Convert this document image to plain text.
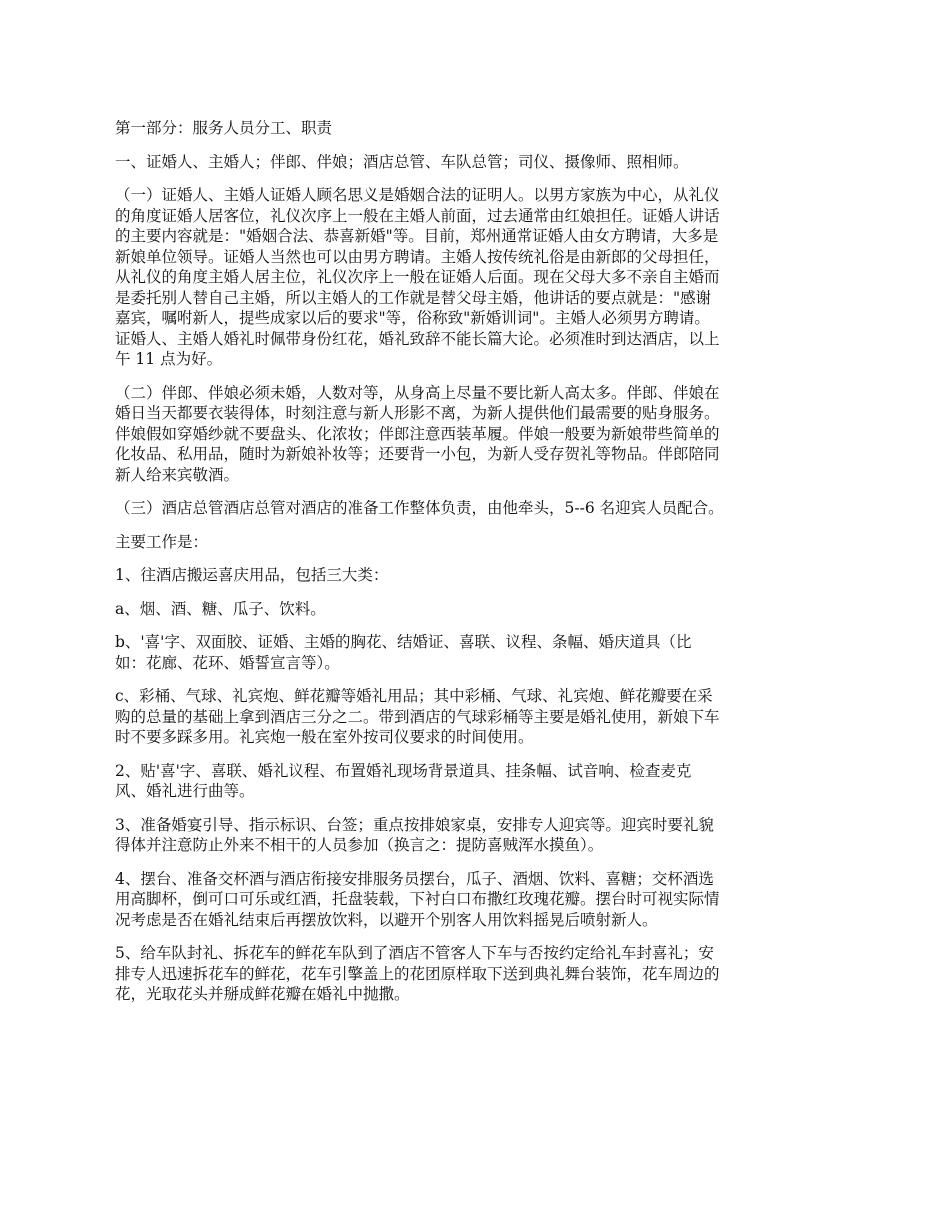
第一部分：服务人员分工、职责

一、证婚人、主婚人；伴郎、伴娘；酒店总管、车队总管；司仪、摄像师、照相师。

（一）证婚人、主婚人证婚人顾名思义是婚姻合法的证明人。以男方家族为中心，从礼仪
的角度证婚人居客位，礼仪次序上一般在主婚人前面，过去通常由红娘担任。证婚人讲话
的主要内容就是："婚姻合法、恭喜新婚"等。目前，郑州通常证婚人由女方聘请，大多是
新娘单位领导。证婚人当然也可以由男方聘请。主婚人按传统礼俗是由新郎的父母担任，
从礼仪的角度主婚人居主位，礼仪次序上一般在证婚人后面。现在父母大多不亲自主婚而
是委托别人替自己主婚，所以主婚人的工作就是替父母主婚，他讲话的要点就是："感谢
嘉宾，嘱咐新人，提些成家以后的要求"等，俗称致"新婚训词"。主婚人必须男方聘请。
证婚人、主婚人婚礼时佩带身份红花，婚礼致辞不能长篇大论。必须准时到达酒店，以上
午 11 点为好。

（二）伴郎、伴娘必须未婚，人数对等，从身高上尽量不要比新人高太多。伴郎、伴娘在
婚日当天都要衣装得体，时刻注意与新人形影不离，为新人提供他们最需要的贴身服务。
伴娘假如穿婚纱就不要盘头、化浓妆；伴郎注意西装革履。伴娘一般要为新娘带些简单的
化妆品、私用品，随时为新娘补妆等；还要背一小包，为新人受存贺礼等物品。伴郎陪同
新人给来宾敬酒。

（三）酒店总管酒店总管对酒店的准备工作整体负责，由他牵头，5--6 名迎宾人员配合。

主要工作是：

1、往酒店搬运喜庆用品，包括三大类：

a、烟、酒、糖、瓜子、饮料。

b、'喜'字、双面胶、证婚、主婚的胸花、结婚证、喜联、议程、条幅、婚庆道具（比
如：花廊、花环、婚誓宣言等）。

c、彩桶、气球、礼宾炮、鲜花瓣等婚礼用品；其中彩桶、气球、礼宾炮、鲜花瓣要在采
购的总量的基础上拿到酒店三分之二。带到酒店的气球彩桶等主要是婚礼使用，新娘下车
时不要多踩多用。礼宾炮一般在室外按司仪要求的时间使用。

2、贴'喜'字、喜联、婚礼议程、布置婚礼现场背景道具、挂条幅、试音响、检查麦克
风、婚礼进行曲等。

3、准备婚宴引导、指示标识、台签；重点按排娘家桌，安排专人迎宾等。迎宾时要礼貌
得体并注意防止外来不相干的人员参加（换言之：提防喜贼浑水摸鱼）。

4、摆台、准备交杯酒与酒店衔接安排服务员摆台，瓜子、酒烟、饮料、喜糖；交杯酒选
用高脚杯，倒可口可乐或红酒，托盘装载，下衬白口布撒红玫瑰花瓣。摆台时可视实际情
况考虑是否在婚礼结束后再摆放饮料，以避开个别客人用饮料摇晃后喷射新人。

5、给车队封礼、拆花车的鲜花车队到了酒店不管客人下车与否按约定给礼车封喜礼；安
排专人迅速拆花车的鲜花，花车引擎盖上的花团原样取下送到典礼舞台装饰，花车周边的
花，光取花头并掰成鲜花瓣在婚礼中抛撒。
